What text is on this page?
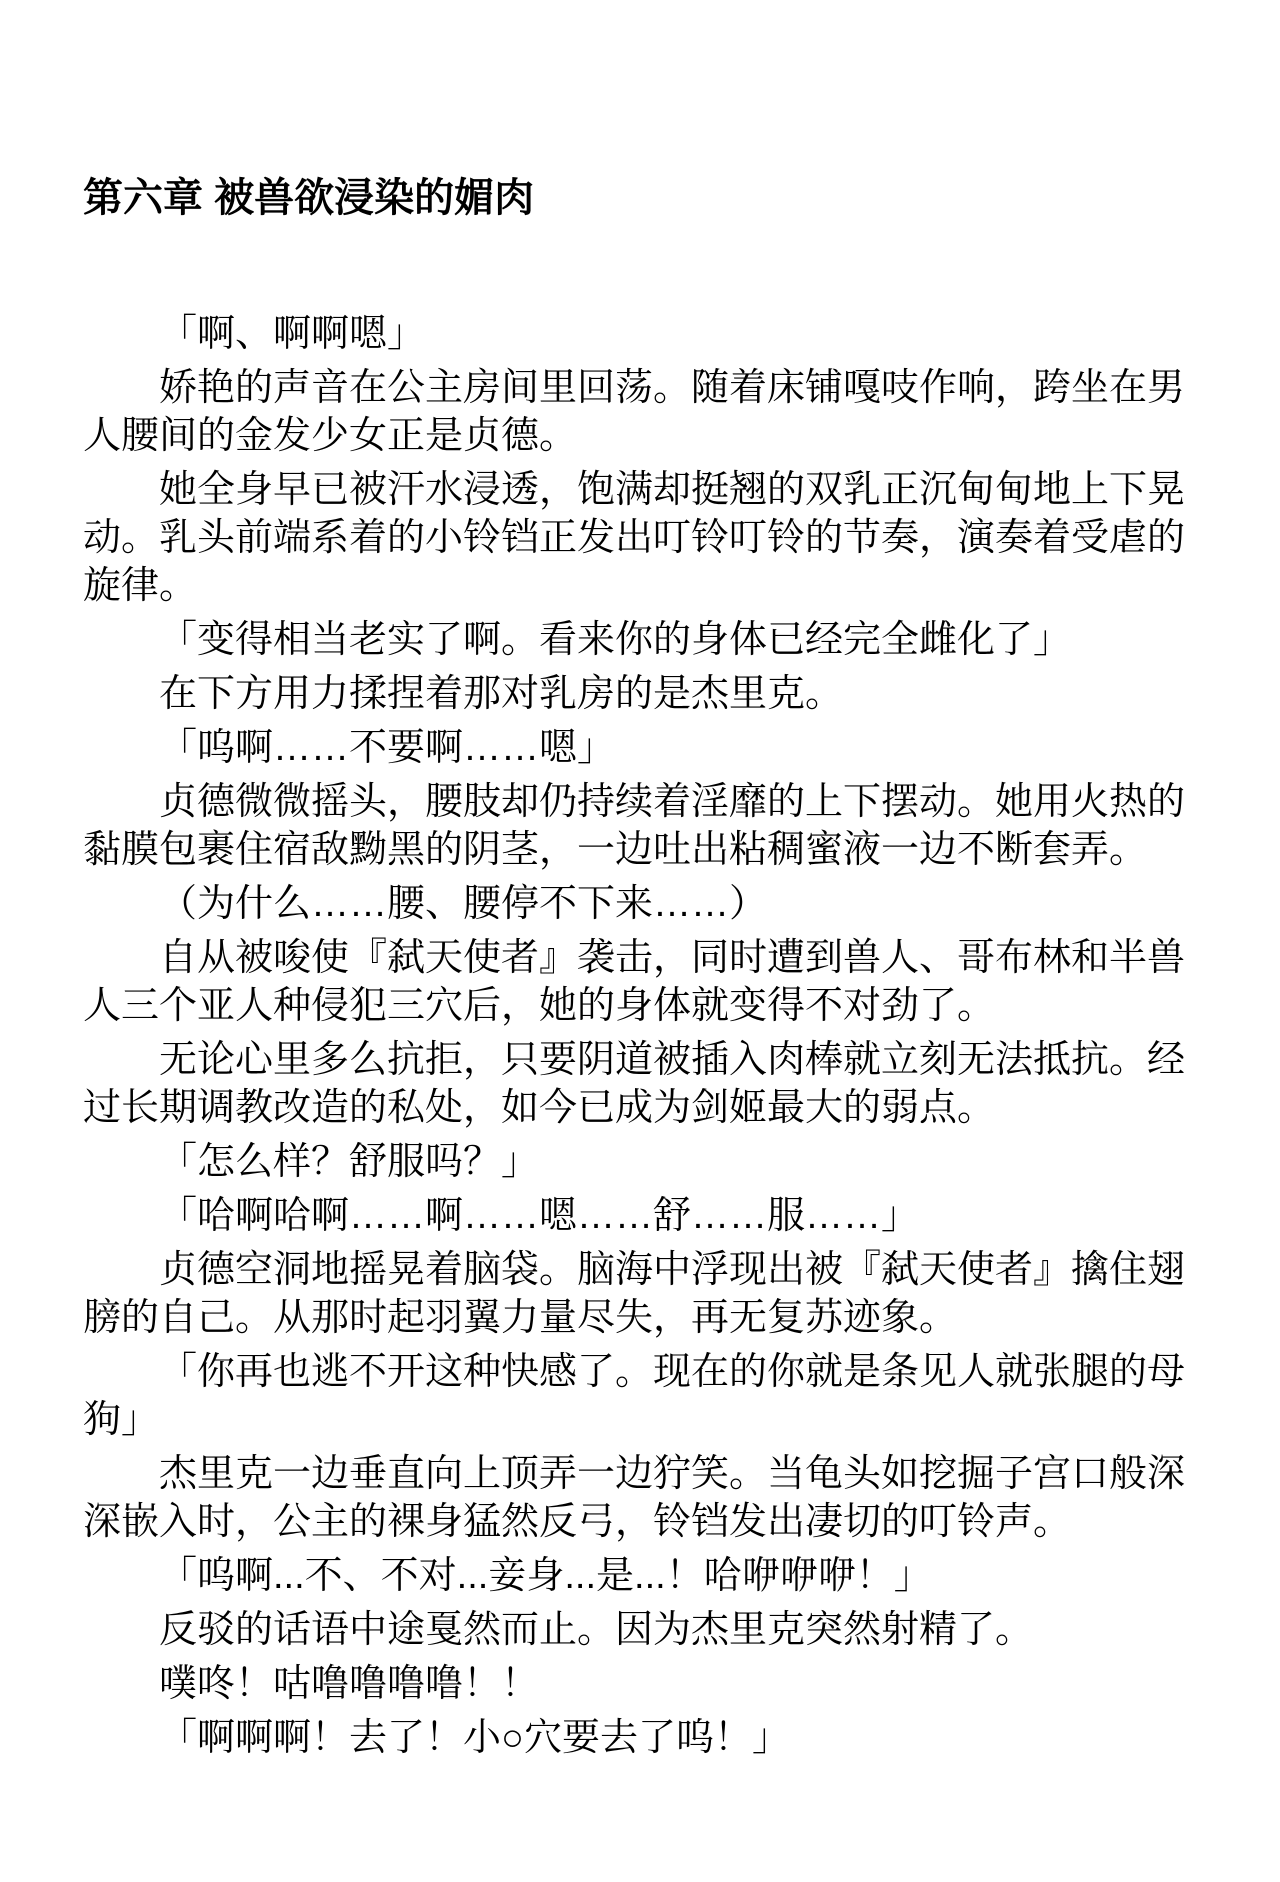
第六章 被兽欲浸染的媚肉

「啊、啊啊嗯」

娇艳的声音在公主房间里回荡。随着床铺嘎吱作响，跨坐在男人腰间的金发少女正是贞德。

她全身早已被汗水浸透，饱满却挺翘的双乳正沉甸甸地上下晃动。乳头前端系着的小铃铛正发出叮铃叮铃的节奏，演奏着受虐的旋律。

「变得相当老实了啊。看来你的身体已经完全雌化了」

在下方用力揉捏着那对乳房的是杰里克。

「呜啊……不要啊……嗯」

贞德微微摇头，腰肢却仍持续着淫靡的上下摆动。她用火热的黏膜包裹住宿敌黝黑的阴茎，一边吐出粘稠蜜液一边不断套弄。

（为什么……腰、腰停不下来……）

自从被唆使『弑天使者』袭击，同时遭到兽人、哥布林和半兽人三个亚人种侵犯三穴后，她的身体就变得不对劲了。

无论心里多么抗拒，只要阴道被插入肉棒就立刻无法抵抗。经过长期调教改造的私处，如今已成为剑姬最大的弱点。

「怎么样？舒服吗？」

「哈啊哈啊……啊……嗯……舒……服……」

贞德空洞地摇晃着脑袋。脑海中浮现出被『弑天使者』擒住翅膀的自己。从那时起羽翼力量尽失，再无复苏迹象。

「你再也逃不开这种快感了。现在的你就是条见人就张腿的母狗」

杰里克一边垂直向上顶弄一边狞笑。当龟头如挖掘子宫口般深深嵌入时，公主的裸身猛然反弓，铃铛发出凄切的叮铃声。

「呜啊...不、不对...妾身...是...！哈咿咿咿！」

反驳的话语中途戛然而止。因为杰里克突然射精了。

噗咚！咕噜噜噜噜！！

「啊啊啊！去了！小○穴要去了呜！」
